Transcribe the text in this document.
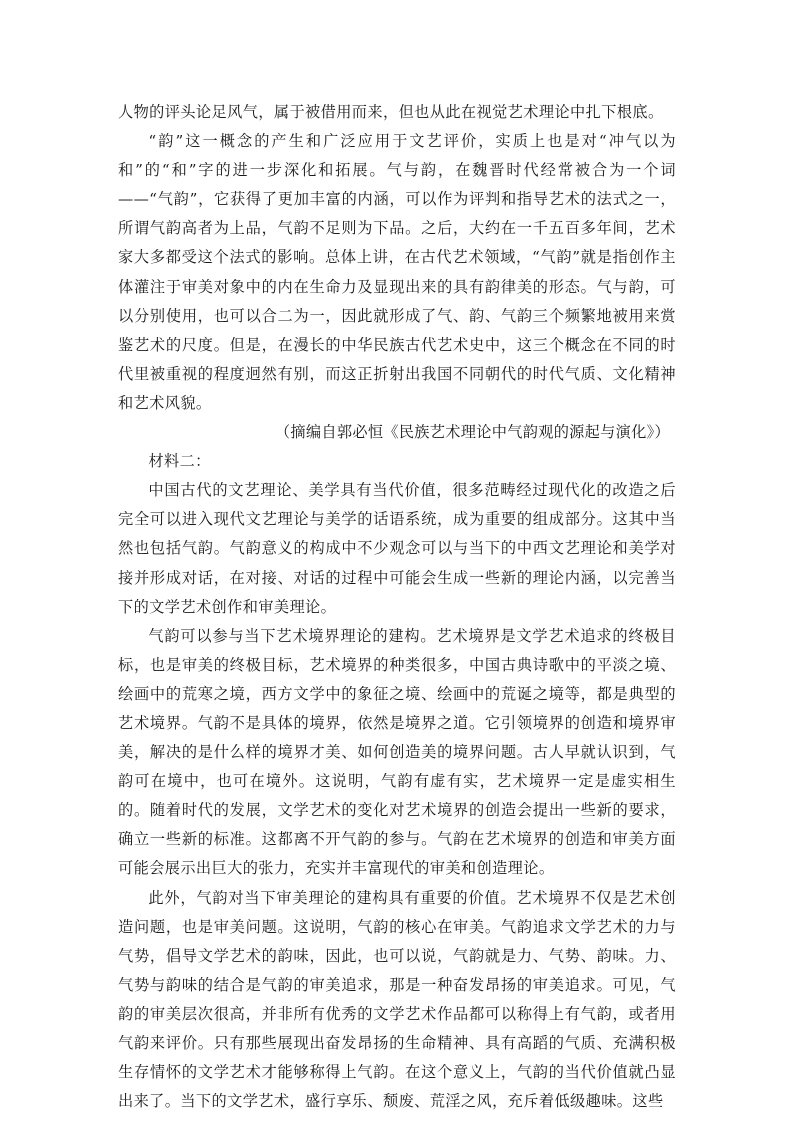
人物的评头论足风气，属于被借用而来，但也从此在视觉艺术理论中扎下根底。

“韵”这一概念的产生和广泛应用于文艺评价，实质上也是对“冲气以为和”的“和”字的进一步深化和拓展。气与韵，在魏晋时代经常被合为一个词——“气韵”，它获得了更加丰富的内涵，可以作为评判和指导艺术的法式之一，所谓气韵高者为上品，气韵不足则为下品。之后，大约在一千五百多年间，艺术家大多都受这个法式的影响。总体上讲，在古代艺术领域，“气韵”就是指创作主体灌注于审美对象中的内在生命力及显现出来的具有韵律美的形态。气与韵，可以分别使用，也可以合二为一，因此就形成了气、韵、气韵三个频繁地被用来赏鉴艺术的尺度。但是，在漫长的中华民族古代艺术史中，这三个概念在不同的时代里被重视的程度迥然有别，而这正折射出我国不同朝代的时代气质、文化精神和艺术风貌。

（摘编自郭必恒《民族艺术理论中气韵观的源起与演化》）

材料二：

中国古代的文艺理论、美学具有当代价值，很多范畴经过现代化的改造之后完全可以进入现代文艺理论与美学的话语系统，成为重要的组成部分。这其中当然也包括气韵。气韵意义的构成中不少观念可以与当下的中西文艺理论和美学对接并形成对话，在对接、对话的过程中可能会生成一些新的理论内涵，以完善当下的文学艺术创作和审美理论。

气韵可以参与当下艺术境界理论的建构。艺术境界是文学艺术追求的终极目标，也是审美的终极目标，艺术境界的种类很多，中国古典诗歌中的平淡之境、绘画中的荒寒之境，西方文学中的象征之境、绘画中的荒诞之境等，都是典型的艺术境界。气韵不是具体的境界，依然是境界之道。它引领境界的创造和境界审美，解决的是什么样的境界才美、如何创造美的境界问题。古人早就认识到，气韵可在境中，也可在境外。这说明，气韵有虚有实，艺术境界一定是虚实相生的。随着时代的发展，文学艺术的变化对艺术境界的创造会提出一些新的要求，确立一些新的标准。这都离不开气韵的参与。气韵在艺术境界的创造和审美方面可能会展示出巨大的张力，充实并丰富现代的审美和创造理论。

此外，气韵对当下审美理论的建构具有重要的价值。艺术境界不仅是艺术创造问题，也是审美问题。这说明，气韵的核心在审美。气韵追求文学艺术的力与气势，倡导文学艺术的韵味，因此，也可以说，气韵就是力、气势、韵味。力、气势与韵味的结合是气韵的审美追求，那是一种奋发昂扬的审美追求。可见，气韵的审美层次很高，并非所有优秀的文学艺术作品都可以称得上有气韵，或者用气韵来评价。只有那些展现出奋发昂扬的生命精神、具有高蹈的气质、充满积极生存情怀的文学艺术才能够称得上气韵。在这个意义上，气韵的当代价值就凸显出来了。当下的文学艺术，盛行享乐、颓废、荒淫之风，充斥着低级趣味。这些
